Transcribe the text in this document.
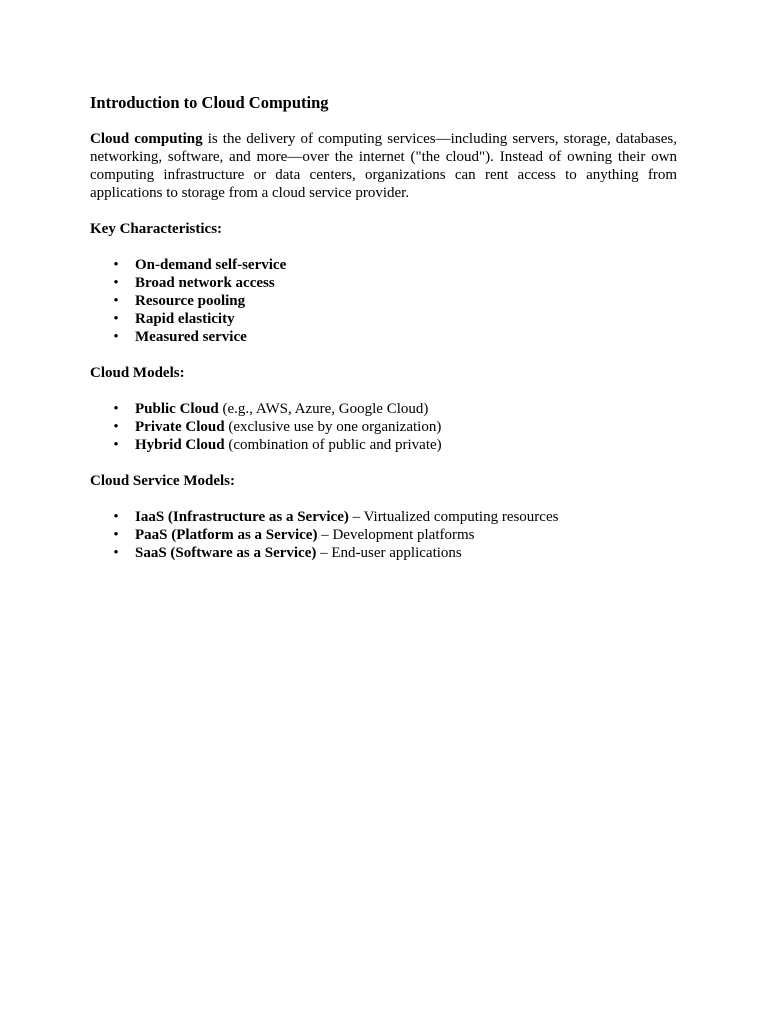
Introduction to Cloud Computing

Cloud computing is the delivery of computing services—including servers, storage, databases, networking, software, and more—over the internet ("the cloud"). Instead of owning their own computing infrastructure or data centers, organizations can rent access to anything from applications to storage from a cloud service provider.

Key Characteristics:

• On-demand self-service
• Broad network access
• Resource pooling
• Rapid elasticity
• Measured service

Cloud Models:

• Public Cloud (e.g., AWS, Azure, Google Cloud)
• Private Cloud (exclusive use by one organization)
• Hybrid Cloud (combination of public and private)

Cloud Service Models:

• IaaS (Infrastructure as a Service) – Virtualized computing resources
• PaaS (Platform as a Service) – Development platforms
• SaaS (Software as a Service) – End-user applications
